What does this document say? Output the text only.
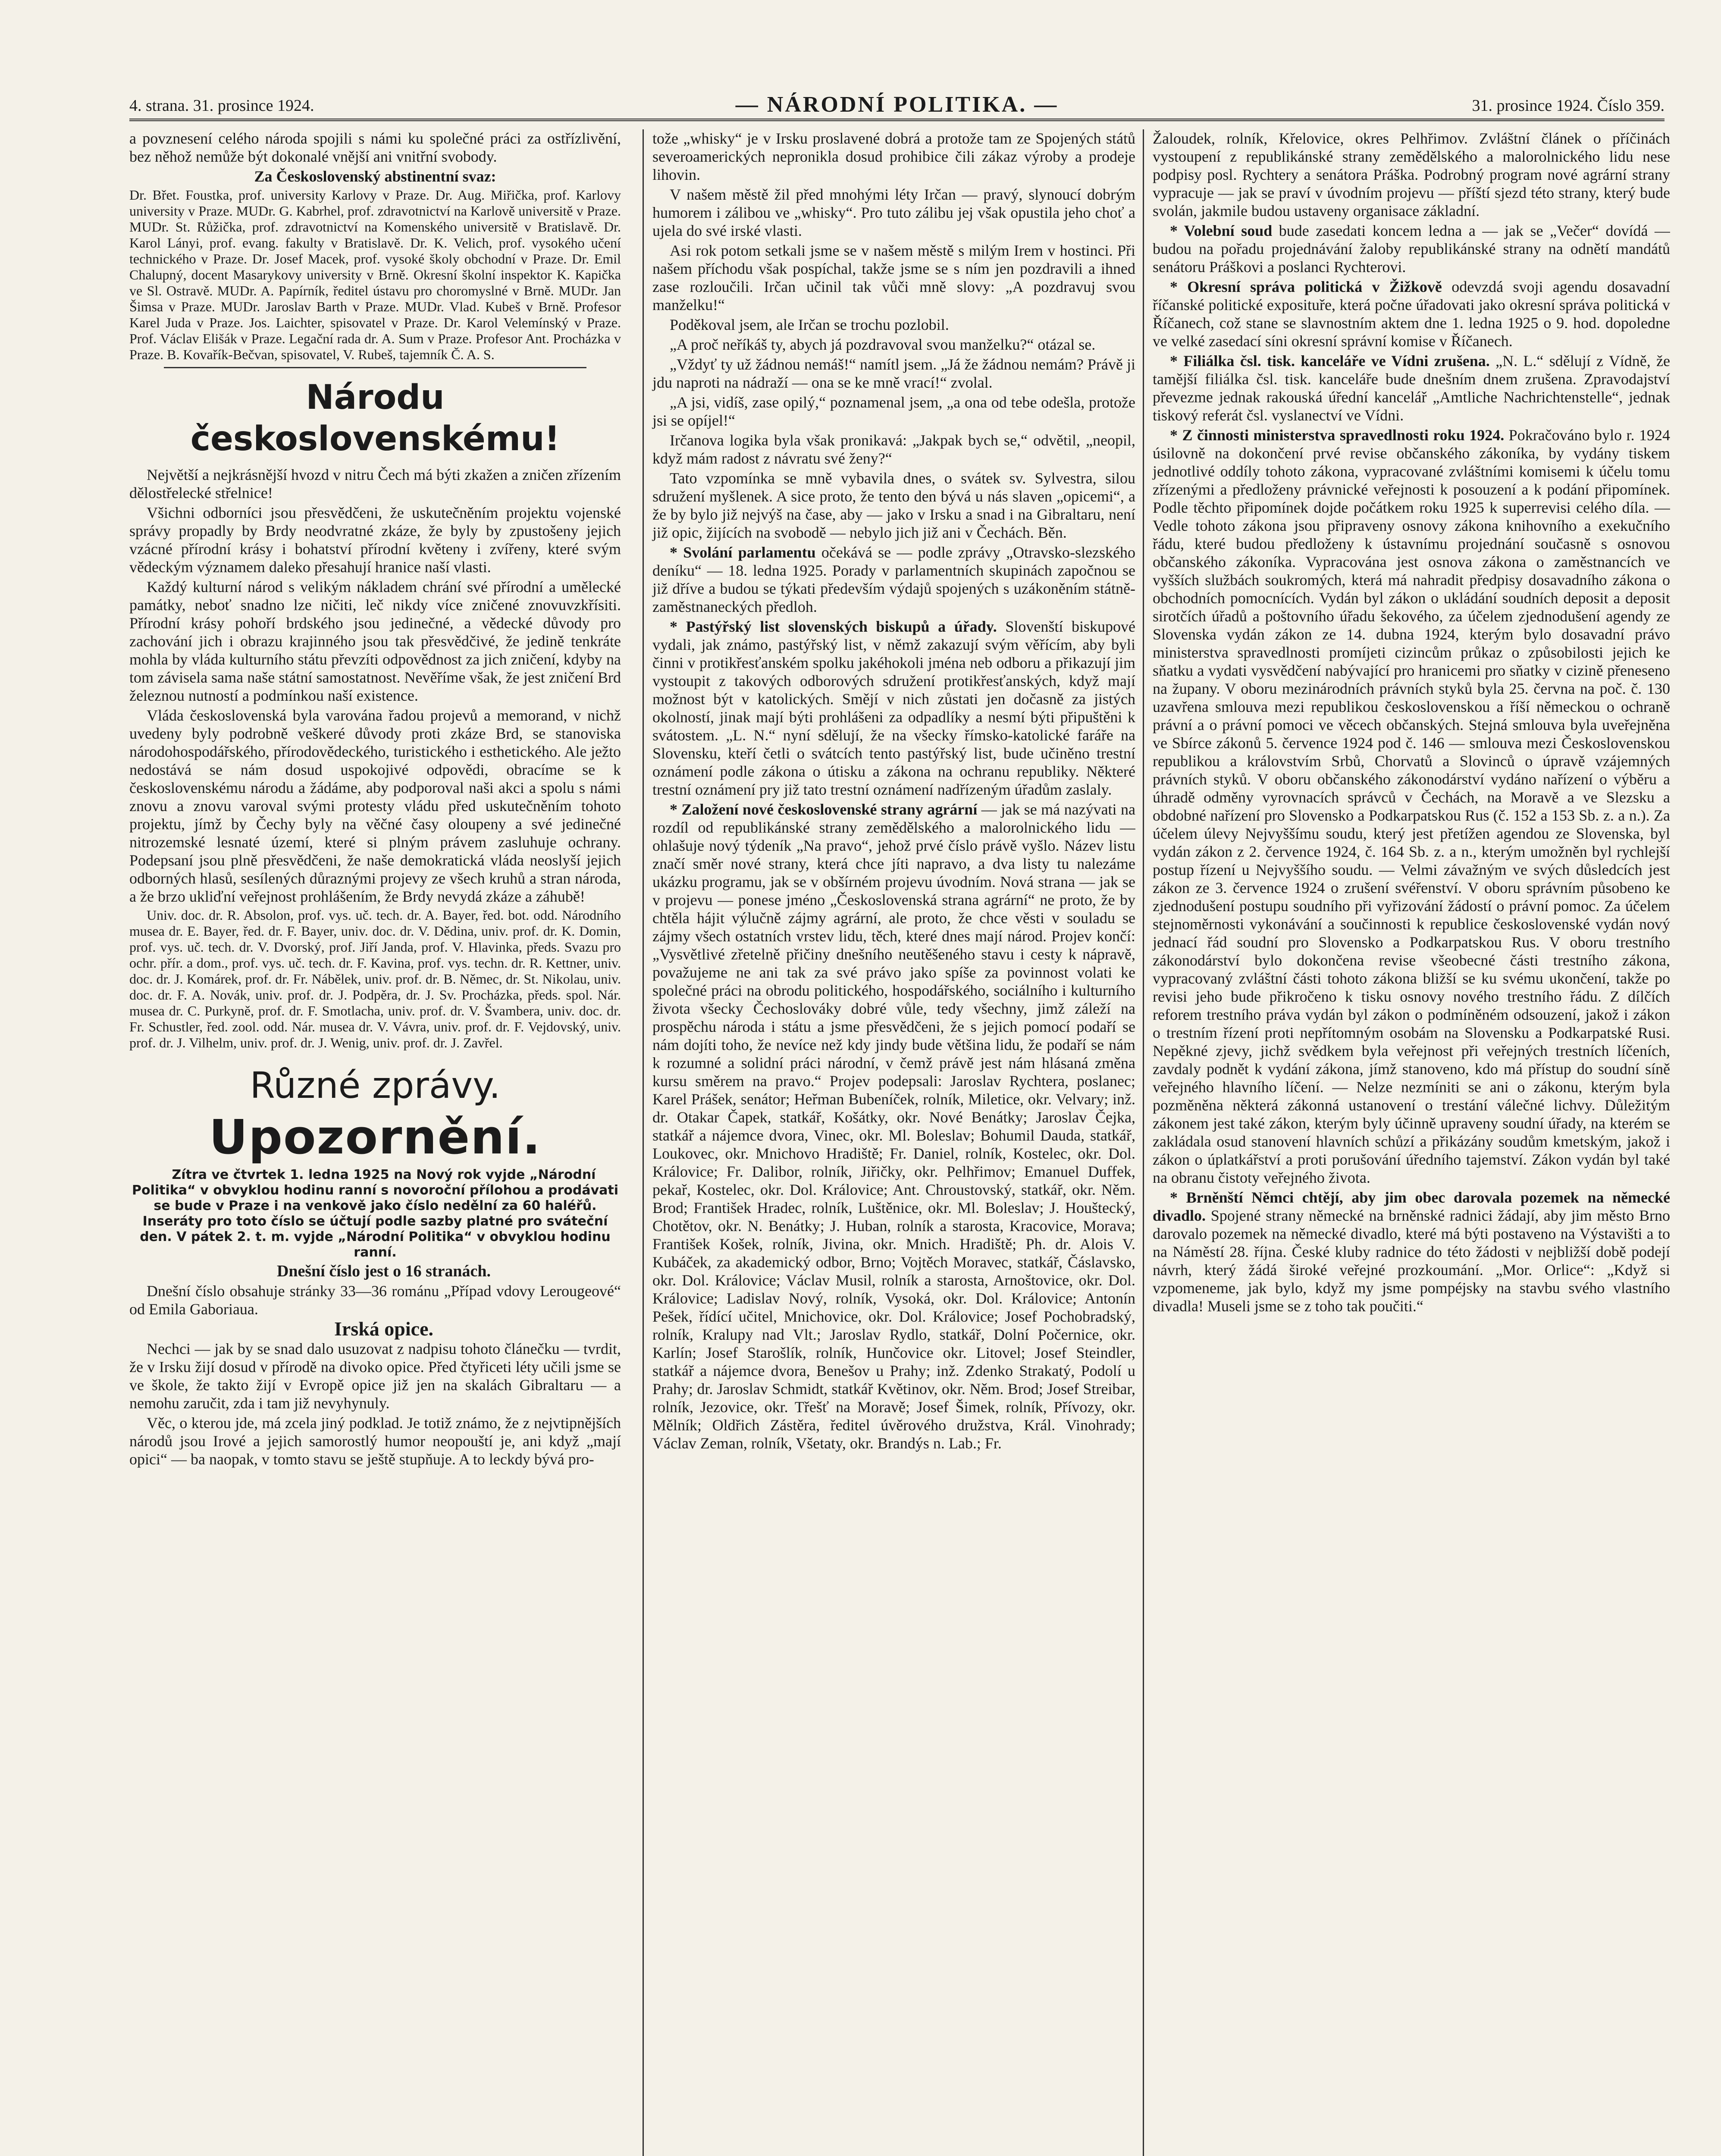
4. strana. 31. prosince 1924.	— NÁRODNÍ POLITIKA. —	31. prosince 1924. Číslo 359.

a povznesení celého národa spojili s námi ku společné práci za ostřízlivění, bez něhož nemůže být dokonalé vnější ani vnitřní svobody.

Za Československý abstinentní svaz:

Dr. Břet. Foustka, prof. university Karlovy v Praze. Dr. Aug. Miřička, prof. Karlovy university v Praze. MUDr. G. Kabrhel, prof. zdravotnictví na Karlově universitě v Praze. MUDr. St. Růžička, prof. zdravotnictví na Komenského universitě v Bratislavě. Dr. Karol Lányi, prof. evang. fakulty v Bratislavě. Dr. K. Velich, prof. vysokého učení technického v Praze. Dr. Josef Macek, prof. vysoké školy obchodní v Praze. Dr. Emil Chalupný, docent Masarykovy university v Brně. Okresní školní inspektor K. Kapička ve Sl. Ostravě. MUDr. A. Papírník, ředitel ústavu pro choromyslné v Brně. MUDr. Jan Šimsa v Praze. MUDr. Jaroslav Barth v Praze. MUDr. Vlad. Kubeš v Brně. Profesor Karel Juda v Praze. Jos. Laichter, spisovatel v Praze. Dr. Karol Velemínský v Praze. Prof. Václav Elišák v Praze. Legační rada dr. A. Sum v Praze. Profesor Ant. Procházka v Praze. B. Kovařík-Bečvan, spisovatel, V. Rubeš, tajemník Č. A. S.

Národu československému!

Největší a nejkrásnější hvozd v nitru Čech má býti zkažen a zničen zřízením dělostřelecké střelnice!

Všichni odborníci jsou přesvědčeni, že uskutečněním projektu vojenské správy propadly by Brdy neodvratné zkáze, že byly by zpustošeny jejich vzácné přírodní krásy i bohatství přírodní květeny i zvířeny, které svým vědeckým významem daleko přesahují hranice naší vlasti.

Každý kulturní národ s velikým nákladem chrání své přírodní a umělecké památky, neboť snadno lze ničiti, leč nikdy více zničené znovuvzkřísiti. Přírodní krásy pohoří brdského jsou jedinečné, a vědecké důvody pro zachování jich i obrazu krajinného jsou tak přesvědčivé, že jedině tenkráte mohla by vláda kulturního státu převzíti odpovědnost za jich zničení, kdyby na tom závisela sama naše státní samostatnost. Nevěříme však, že jest zničení Brd železnou nutností a podmínkou naší existence.

Vláda československá byla varována řadou projevů a memorand, v nichž uvedeny byly podrobně veškeré důvody proti zkáze Brd, se stanoviska národohospodářského, přírodovědeckého, turistického i esthetického. Ale ježto nedostává se nám dosud uspokojivé odpovědi, obracíme se k československému národu a žádáme, aby podporoval naši akci a spolu s námi znovu a znovu varoval svými protesty vládu před uskutečněním tohoto projektu, jímž by Čechy byly na věčné časy oloupeny a své jedinečné nitrozemské lesnaté území, které si plným právem zasluhuje ochrany. Podepsaní jsou plně přesvědčeni, že naše demokratická vláda neoslyší jejich odborných hlasů, sesílených důraznými projevy ze všech kruhů a stran národa, a že brzo ukliďní veřejnost prohlášením, že Brdy nevydá zkáze a záhubě!

Univ. doc. dr. R. Absolon, prof. vys. uč. tech. dr. A. Bayer, řed. bot. odd. Národního musea dr. E. Bayer, řed. dr. F. Bayer, univ. doc. dr. V. Dědina, univ. prof. dr. K. Domin, prof. vys. uč. tech. dr. V. Dvorský, prof. Jiří Janda, prof. V. Hlavinka, předs. Svazu pro ochr. přír. a dom., prof. vys. uč. tech. dr. F. Kavina, prof. vys. techn. dr. R. Kettner, univ. doc. dr. J. Komárek, prof. dr. Fr. Nábělek, univ. prof. dr. B. Němec, dr. St. Nikolau, univ. doc. dr. F. A. Novák, univ. prof. dr. J. Podpěra, dr. J. Sv. Procházka, předs. spol. Nár. musea dr. C. Purkyně, prof. dr. F. Smotlacha, univ. prof. dr. V. Švambera, univ. doc. dr. Fr. Schustler, řed. zool. odd. Nár. musea dr. V. Vávra, univ. prof. dr. F. Vejdovský, univ. prof. dr. J. Vilhelm, univ. prof. dr. J. Wenig, univ. prof. dr. J. Zavřel.

Různé zprávy.
Upozornění.

Zítra ve čtvrtek 1. ledna 1925 na Nový rok vyjde „Národní Politika“ v obvyklou hodinu ranní s novoroční přílohou a prodávati se bude v Praze i na venkově jako číslo nedělní za 60 haléřů. Inseráty pro toto číslo se účtují podle sazby platné pro sváteční den. V pátek 2. t. m. vyjde „Národní Politika“ v obvyklou hodinu ranní.

Dnešní číslo jest o 16 stranách.

Dnešní číslo obsahuje stránky 33—36 románu „Případ vdovy Lerougeové“ od Emila Gaboriaua.

Irská opice.

Nechci — jak by se snad dalo usuzovat z nadpisu tohoto článečku — tvrdit, že v Irsku žijí dosud v přírodě na divoko opice. Před čtyřiceti léty učili jsme se ve škole, že takto žijí v Evropě opice již jen na skalách Gibraltaru — a nemohu zaručit, zda i tam již nevyhynuly.

Věc, o kterou jde, má zcela jiný podklad. Je totiž známo, že z nejvtipnějších národů jsou Irové a jejich samorostlý humor neopouští je, ani když „mají opici“ — ba naopak, v tomto stavu se ještě stupňuje. A to leckdy bývá pro-

tože „whisky“ je v Irsku proslavené dobrá a protože tam ze Spojených států severoamerických nepronikla dosud prohibice čili zákaz výroby a prodeje lihovin.

V našem městě žil před mnohými léty Irčan — pravý, slynoucí dobrým humorem i zálibou ve „whisky“. Pro tuto zálibu jej však opustila jeho choť a ujela do své irské vlasti.

Asi rok potom setkali jsme se v našem městě s milým Irem v hostinci. Při našem příchodu však pospíchal, takže jsme se s ním jen pozdravili a ihned zase rozloučili. Irčan učinil tak vůči mně slovy: „A pozdravuj svou manželku!“

Poděkoval jsem, ale Irčan se trochu pozlobil.

„A proč neříkáš ty, abych já pozdravoval svou manželku?“ otázal se.

„Vždyť ty už žádnou nemáš!“ namítl jsem. „Já že žádnou nemám? Právě ji jdu naproti na nádraží — ona se ke mně vrací!“ zvolal.

„A jsi, vidíš, zase opilý,“ poznamenal jsem, „a ona od tebe odešla, protože jsi se opíjel!“

Irčanova logika byla však pronikavá: „Jakpak bych se,“ odvětil, „neopil, když mám radost z návratu své ženy?“

Tato vzpomínka se mně vybavila dnes, o svátek sv. Sylvestra, silou sdružení myšlenek. A sice proto, že tento den bývá u nás slaven „opicemi“, a že by bylo již nejvýš na čase, aby — jako v Irsku a snad i na Gibraltaru, není již opic, žijících na svobodě — nebylo jich již ani v Čechách. Běn.

* Svolání parlamentu očekává se — podle zprávy „Otravsko-slezského deníku“ — 18. ledna 1925. Porady v parlamentních skupinách započnou se již dříve a budou se týkati především výdajů spojených s uzákoněním státně-zaměstnaneckých předloh.

* Pastýřský list slovenských biskupů a úřady. Slovenští biskupové vydali, jak známo, pastýřský list, v němž zakazují svým věřícím, aby byli činni v protikřesťanském spolku jakéhokoli jména neb odboru a přikazují jim vystoupit z takových odborových sdružení protikřesťanských, když mají možnost být v katolických. Smějí v nich zůstati jen dočasně za jistých okolností, jinak mají býti prohlášeni za odpadlíky a nesmí býti připuštěni k svátostem. „L. N.“ nyní sdělují, že na všecky římsko-katolické faráře na Slovensku, kteří četli o svátcích tento pastýřský list, bude učiněno trestní oznámení podle zákona o útisku a zákona na ochranu republiky. Některé trestní oznámení pry již tato trestní oznámení nadřízeným úřadům zaslaly.

* Založení nové československé strany agrární — jak se má nazývati na rozdíl od republikánské strany zemědělského a malorolnického lidu — ohlašuje nový týdeník „Na pravo“, jehož prvé číslo právě vyšlo. Název listu značí směr nové strany, která chce jíti napravo, a dva listy tu nalezáme ukázku programu, jak se v obšírném projevu úvodním. Nová strana — jak se v projevu — ponese jméno „Československá strana agrární“ ne proto, že by chtěla hájit výlučně zájmy agrární, ale proto, že chce věsti v souladu se zájmy všech ostatních vrstev lidu, těch, které dnes mají národ. Projev končí: „Vysvětlivé zřetelně přičiny dnešního neutěšeného stavu i cesty k nápravě, považujeme ne ani tak za své právo jako spíše za povinnost volati ke společné práci na obrodu politického, hospodářského, sociálního i kulturního života všecky Čechoslováky dobré vůle, tedy všechny, jimž záleží na prospěchu národa i státu a jsme přesvědčeni, že s jejich pomocí podaří se nám dojíti toho, že nevíce než kdy jindy bude většina lidu, že podaří se nám k rozumné a solidní práci národní, v čemž právě jest nám hlásaná změna kursu směrem na pravo.“ Projev podepsali: Jaroslav Rychtera, poslanec; Karel Prášek, senátor; Heřman Bubeníček, rolník, Miletice, okr. Velvary; inž. dr. Otakar Čapek, statkář, Košátky, okr. Nové Benátky; Jaroslav Čejka, statkář a nájemce dvora, Vinec, okr. Ml. Boleslav; Bohumil Dauda, statkář, Loukovec, okr. Mnichovo Hradiště; Fr. Daniel, rolník, Kostelec, okr. Dol. Královice; Fr. Dalibor, rolník, Jiřičky, okr. Pelhřimov; Emanuel Duffek, pekař, Kostelec, okr. Dol. Královice; Ant. Chroustovský, statkář, okr. Něm. Brod; František Hradec, rolník, Luštěnice, okr. Ml. Boleslav; J. Houštecký, Chotětov, okr. N. Benátky; J. Huban, rolník a starosta, Kracovice, Morava; František Košek, rolník, Jivina, okr. Mnich. Hradiště; Ph. dr. Alois V. Kubáček, za akademický odbor, Brno; Vojtěch Moravec, statkář, Čáslavsko, okr. Dol. Královice; Václav Musil, rolník a starosta, Arnoštovice, okr. Dol. Královice; Ladislav Nový, rolník, Vysoká, okr. Dol. Královice; Antonín Pešek, řídící učitel, Mnichovice, okr. Dol. Královice; Josef Pochobradský, rolník, Kralupy nad Vlt.; Jaroslav Rydlo, statkář, Dolní Počernice, okr. Karlín; Josef Starošlík, rolník, Hunčovice okr. Litovel; Josef Steindler, statkář a nájemce dvora, Benešov u Prahy; inž. Zdenko Strakatý, Podolí u Prahy; dr. Jaroslav Schmidt, statkář Květinov, okr. Něm. Brod; Josef Streibar, rolník, Jezovice, okr. Třešť na Moravě; Josef Šimek, rolník, Přívozy, okr. Mělník; Oldřich Zástěra, ředitel úvěrového družstva, Král. Vinohrady; Václav Zeman, rolník, Všetaty, okr. Brandýs n. Lab.; Fr.

Žaloudek, rolník, Křelovice, okres Pelhřimov. Zvláštní článek o příčinách vystoupení z republikánské strany zemědělského a malorolnického lidu nese podpisy posl. Rychtery a senátora Práška. Podrobný program nové agrární strany vypracuje — jak se praví v úvodním projevu — příští sjezd této strany, který bude svolán, jakmile budou ustaveny organisace základní.

* Volební soud bude zasedati koncem ledna a — jak se „Večer“ dovídá — budou na pořadu projednávání žaloby republikánské strany na odnětí mandátů senátoru Práškovi a poslanci Rychterovi.

* Okresní správa politická v Žižkově odevzdá svoji agendu dosavadní říčanské politické exposituře, která počne úřadovati jako okresní správa politická v Říčanech, což stane se slavnostním aktem dne 1. ledna 1925 o 9. hod. dopoledne ve velké zasedací síni okresní správní komise v Říčanech.

* Filiálka čsl. tisk. kanceláře ve Vídni zrušena. „N. L.“ sdělují z Vídně, že tamější filiálka čsl. tisk. kanceláře bude dnešním dnem zrušena. Zpravodajství převezme jednak rakouská úřední kancelář „Amtliche Nachrichtenstelle“, jednak tiskový referát čsl. vyslanectví ve Vídni.

* Z činnosti ministerstva spravedlnosti roku 1924. Pokračováno bylo r. 1924 úsilovně na dokončení prvé revise občanského zákoníka, by vydány tiskem jednotlivé oddíly tohoto zákona, vypracované zvláštními komisemi k účelu tomu zřízenými a předloženy právnické veřejnosti k posouzení a k podání připomínek. Podle těchto připomínek dojde počátkem roku 1925 k superrevisi celého díla. — Vedle tohoto zákona jsou připraveny osnovy zákona knihovního a exekučního řádu, které budou předloženy k ústavnímu projednání současně s osnovou občanského zákoníka. Vypracována jest osnova zákona o zaměstnancích ve vyšších službách soukromých, která má nahradit předpisy dosavadního zákona o obchodních pomocnících. Vydán byl zákon o ukládání soudních deposit a deposit sirotčích úřadů a poštovního úřadu šekového, za účelem zjednodušení agendy ze Slovenska vydán zákon ze 14. dubna 1924, kterým bylo dosavadní právo ministerstva spravedlnosti promíjeti cizincům průkaz o způsobilosti jejich ke sňatku a vydati vysvědčení nabývající pro hranicemi pro sňatky v cizině přeneseno na župany. V oboru mezinárodních právních styků byla 25. června na poč. č. 130 uzavřena smlouva mezi republikou československou a říší německou o ochraně právní a o právní pomoci ve věcech občanských. Stejná smlouva byla uveřejněna ve Sbírce zákonů 5. července 1924 pod č. 146 — smlouva mezi Československou republikou a královstvím Srbů, Chorvatů a Slovinců o úpravě vzájemných právních styků. V oboru občanského zákonodárství vydáno nařízení o výběru a úhradě odměny vyrovnacích správců v Čechách, na Moravě a ve Slezsku a obdobné nařízení pro Slovensko a Podkarpatskou Rus (č. 152 a 153 Sb. z. a n.). Za účelem úlevy Nejvyššímu soudu, který jest přetížen agendou ze Slovenska, byl vydán zákon z 2. července 1924, č. 164 Sb. z. a n., kterým umožněn byl rychlejší postup řízení u Nejvyššího soudu. — Velmi závažným ve svých důsledcích jest zákon ze 3. července 1924 o zrušení svéřenství. V oboru správním působeno ke zjednodušení postupu soudního při vyřizování žádostí o právní pomoc. Za účelem stejnoměrnosti vykonávání a součinnosti k republice československé vydán nový jednací řád soudní pro Slovensko a Podkarpatskou Rus. V oboru trestního zákonodárství bylo dokončena revise všeobecné části trestního zákona, vypracovaný zvláštní části tohoto zákona bližší se ku svému ukončení, takže po revisi jeho bude přikročeno k tisku osnovy nového trestního řádu. Z dílčích reforem trestního práva vydán byl zákon o podmíněném odsouzení, jakož i zákon o trestním řízení proti nepřítomným osobám na Slovensku a Podkarpatské Rusi. Nepěkné zjevy, jichž svědkem byla veřejnost při veřejných trestních líčeních, zavdaly podnět k vydání zákona, jímž stanoveno, kdo má přístup do soudní síně veřejného hlavního líčení. — Nelze nezmíniti se ani o zákonu, kterým byla pozměněna některá zákonná ustanovení o trestání válečné lichvy. Důležitým zákonem jest také zákon, kterým byly účinně upraveny soudní úřady, na kterém se zakládala osud stanovení hlavních schůzí a přikázány soudům kmetským, jakož i zákon o úplatkářství a proti porušování úředního tajemství. Zákon vydán byl také na obranu čistoty veřejného života.

* Brněnští Němci chtějí, aby jim obec darovala pozemek na německé divadlo. Spojené strany německé na brněnské radnici žádají, aby jim město Brno darovalo pozemek na německé divadlo, které má býti postaveno na Výstavišti a to na Náměstí 28. října. České kluby radnice do této žádosti v nejbližší době podejí návrh, který žádá široké veřejné prozkoumání. „Mor. Orlice“: „Když si vzpomeneme, jak bylo, když my jsme pompéjsky na stavbu svého vlastního divadla! Museli jsme se z toho tak poučiti.“
